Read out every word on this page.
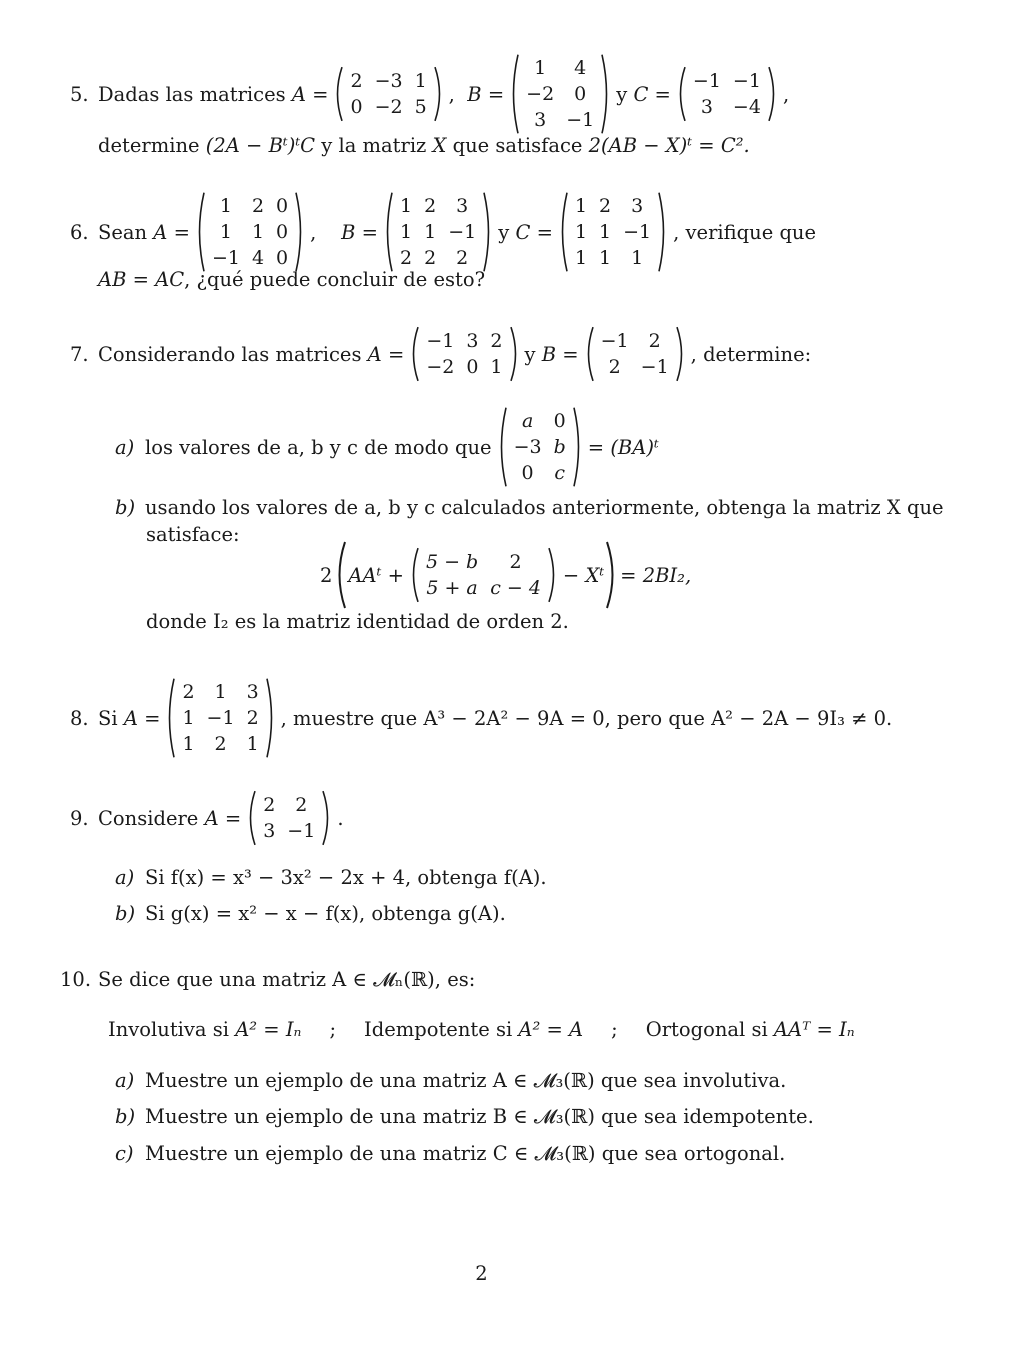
5. Dadas las matrices A =
2	−3	1
0	−2	5
,  B =
1	4
−2	0
3	−1
y C =
−1	−1
3	−4
,
determine
(2A − Bᵗ)ᵗC
y la matriz
X
que satisface
2(AB − X)ᵗ = C².
6. Sean A =
1	2	0
1	1	0
−1	4	0
,    B =
1	2	3
1	1	−1
2	2	2
y C =
1	2	3
1	1	−1
1	1	1
, verifique que
AB = AC , ¿qué puede concluir de esto?
7. Considerando las matrices A =
−1	3	2
−2	0	1
y B =
−1	2
2	−1
, determine:
a) los valores de a, b y c de modo que
a	0
−3	b
0	c
= (BA)ᵗ
b) usando los valores de a, b y c calculados anteriormente, obtenga la matriz X que
satisface:
2 AAᵗ +
5 − b	2
5 + a	c − 4
− Xᵗ = 2BI₂,
donde I₂ es la matriz identidad de orden 2.
8. Si A =
2	1	3
1	−1	2
1	2	1
, muestre que A³ − 2A² − 9A = 0, pero que A² − 2A − 9I₃ ≠ 0.
9. Considere A =
2	2
3	−1
.
a) Si f(x) = x³ − 3x² − 2x + 4, obtenga f(A).
b) Si g(x) = x² − x − f(x), obtenga g(A).
10. Se dice que una matriz A ∈ 𝓜ₙ(ℝ), es:
Involutiva si
A² = Iₙ ; Idempotente si
A² = A ; Ortogonal si
AAᵀ = Iₙ
a) Muestre un ejemplo de una matriz A ∈ 𝓜₃(ℝ) que sea involutiva.
b) Muestre un ejemplo de una matriz B ∈ 𝓜₃(ℝ) que sea idempotente.
c) Muestre un ejemplo de una matriz C ∈ 𝓜₃(ℝ) que sea ortogonal.
2
